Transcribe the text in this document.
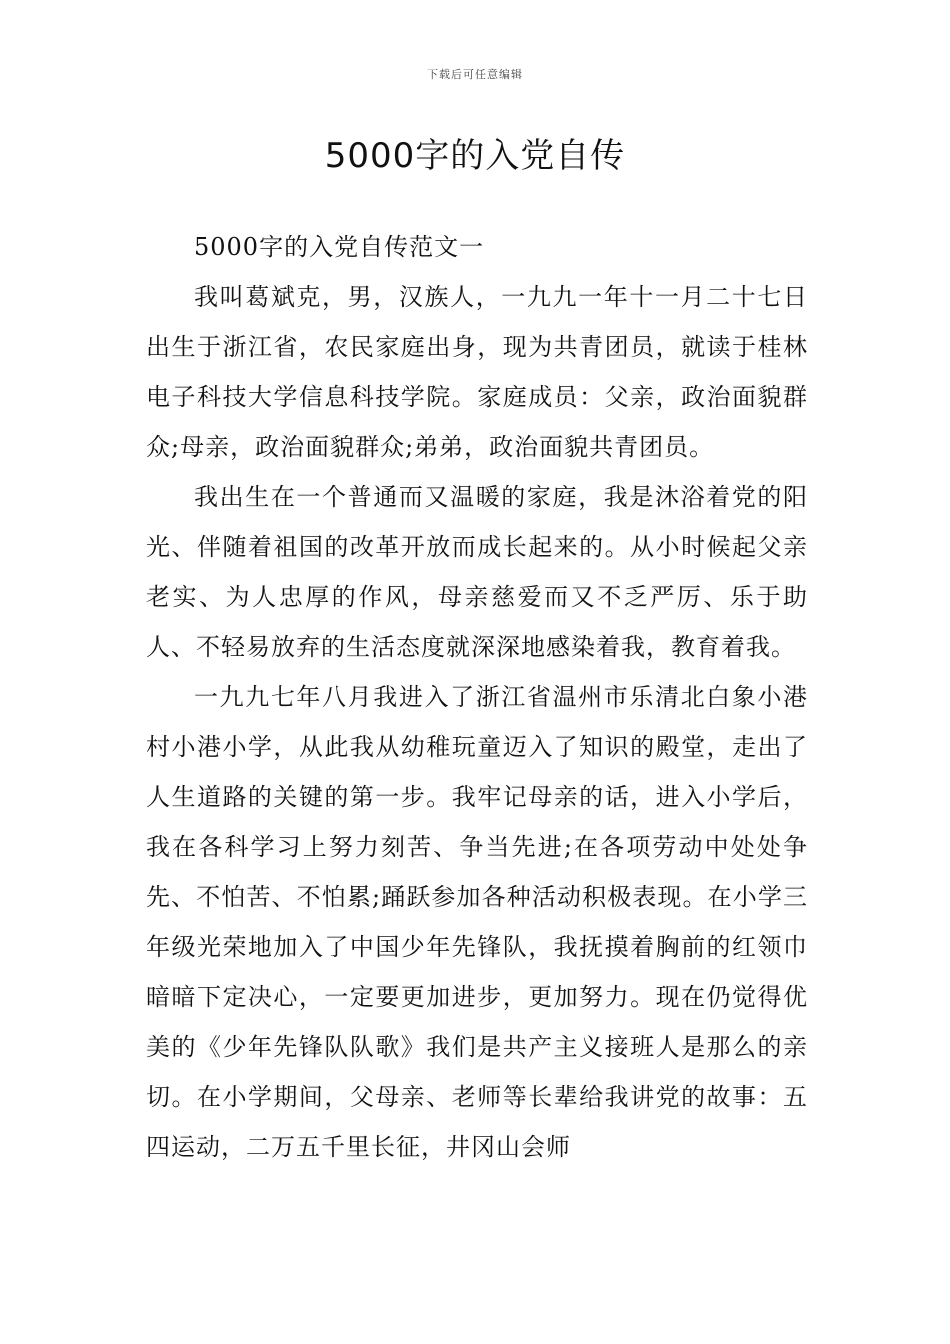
下载后可任意编辑
5000字的入党自传

5000字的入党自传范文一

我叫葛斌克，男，汉族人，一九九一年十一月二十七日出生于浙江省，农民家庭出身，现为共青团员，就读于桂林电子科技大学信息科技学院。家庭成员：父亲，政治面貌群众;母亲，政治面貌群众;弟弟，政治面貌共青团员。

我出生在一个普通而又温暖的家庭，我是沐浴着党的阳光、伴随着祖国的改革开放而成长起来的。从小时候起父亲老实、为人忠厚的作风，母亲慈爱而又不乏严厉、乐于助人、不轻易放弃的生活态度就深深地感染着我，教育着我。

一九九七年八月我进入了浙江省温州市乐清北白象小港村小港小学，从此我从幼稚玩童迈入了知识的殿堂，走出了人生道路的关键的第一步。我牢记母亲的话，进入小学后，我在各科学习上努力刻苦、争当先进;在各项劳动中处处争先、不怕苦、不怕累;踊跃参加各种活动积极表现。在小学三年级光荣地加入了中国少年先锋队，我抚摸着胸前的红领巾暗暗下定决心，一定要更加进步，更加努力。现在仍觉得优美的《少年先锋队队歌》我们是共产主义接班人是那么的亲切。在小学期间，父母亲、老师等长辈给我讲党的故事：五四运动，二万五千里长征，井冈山会师
